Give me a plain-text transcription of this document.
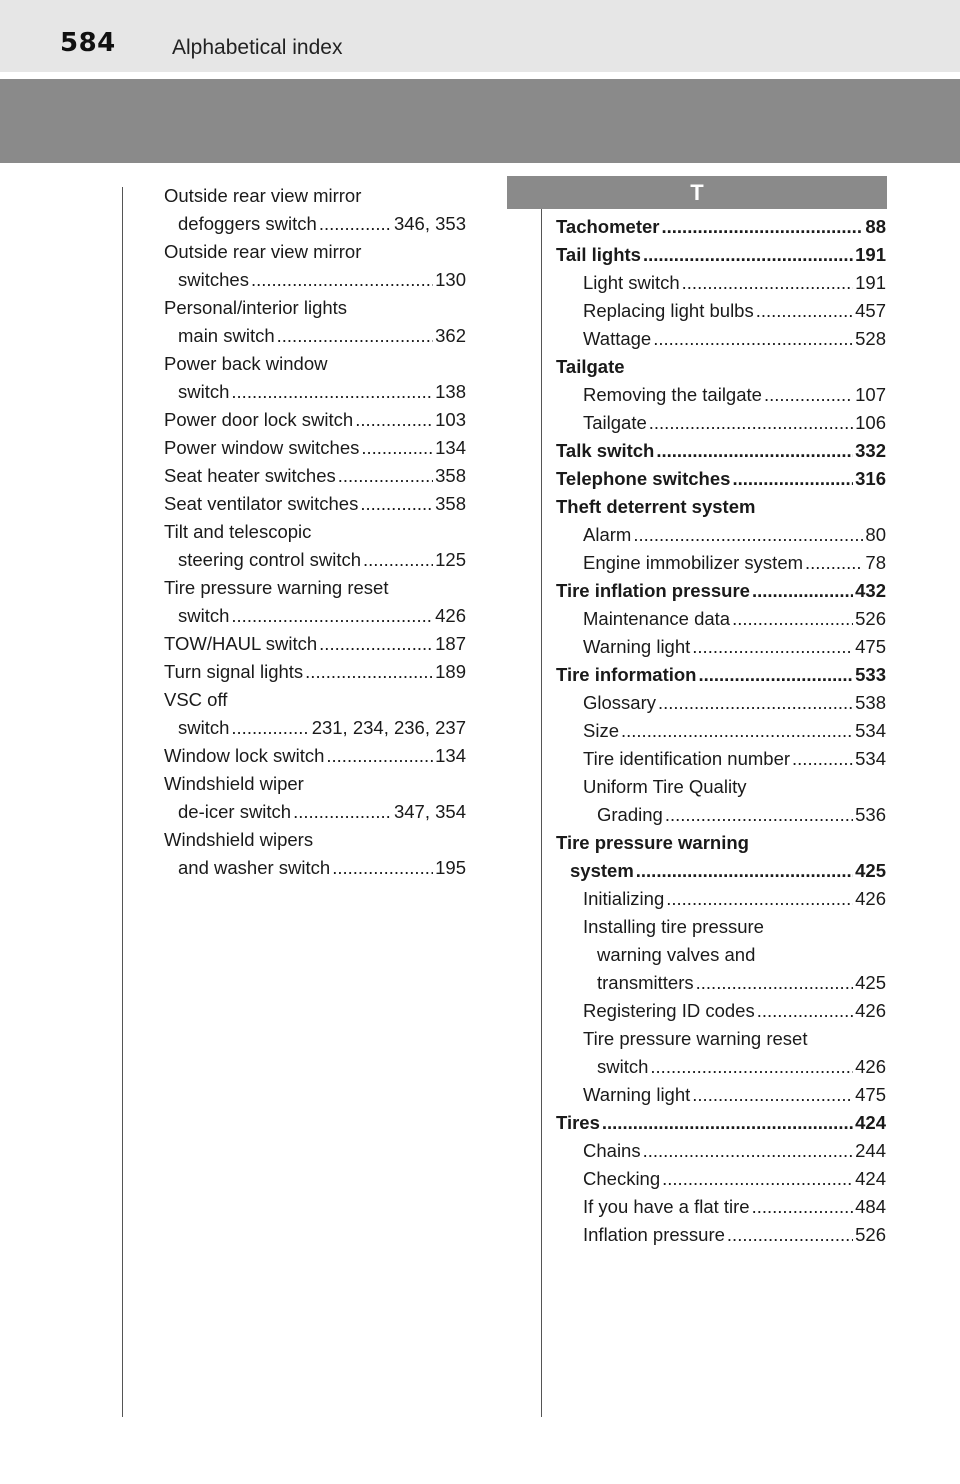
584	Alphabetical index
Outside rear view mirror
defoggers switch .....	346, 353
Outside rear view mirror
switches .....	130
Personal/interior lights
main switch .....	362
Power back window
switch .....	138
Power door lock switch .....	103
Power window switches .....	134
Seat heater switches .....	358
Seat ventilator switches .....	358
Tilt and telescopic
steering control switch .....	125
Tire pressure warning reset
switch .....	426
TOW/HAUL switch .....	187
Turn signal lights .....	189
VSC off
switch .....	231, 234, 236, 237
Window lock switch .....	134
Windshield wiper
de-icer switch .....	347, 354
Windshield wipers
and washer switch .....	195
T
Tachometer .....	88
Tail lights .....	191
Light switch .....	191
Replacing light bulbs .....	457
Wattage .....	528
Tailgate
Removing the tailgate .....	107
Tailgate .....	106
Talk switch .....	332
Telephone switches .....	316
Theft deterrent system
Alarm .....	80
Engine immobilizer system .....	78
Tire inflation pressure .....	432
Maintenance data .....	526
Warning light .....	475
Tire information .....	533
Glossary .....	538
Size .....	534
Tire identification number .....	534
Uniform Tire Quality
Grading .....	536
Tire pressure warning
system .....	425
Initializing .....	426
Installing tire pressure
warning valves and
transmitters .....	425
Registering ID codes .....	426
Tire pressure warning reset
switch .....	426
Warning light .....	475
Tires .....	424
Chains .....	244
Checking .....	424
If you have a flat tire .....	484
Inflation pressure .....	526
